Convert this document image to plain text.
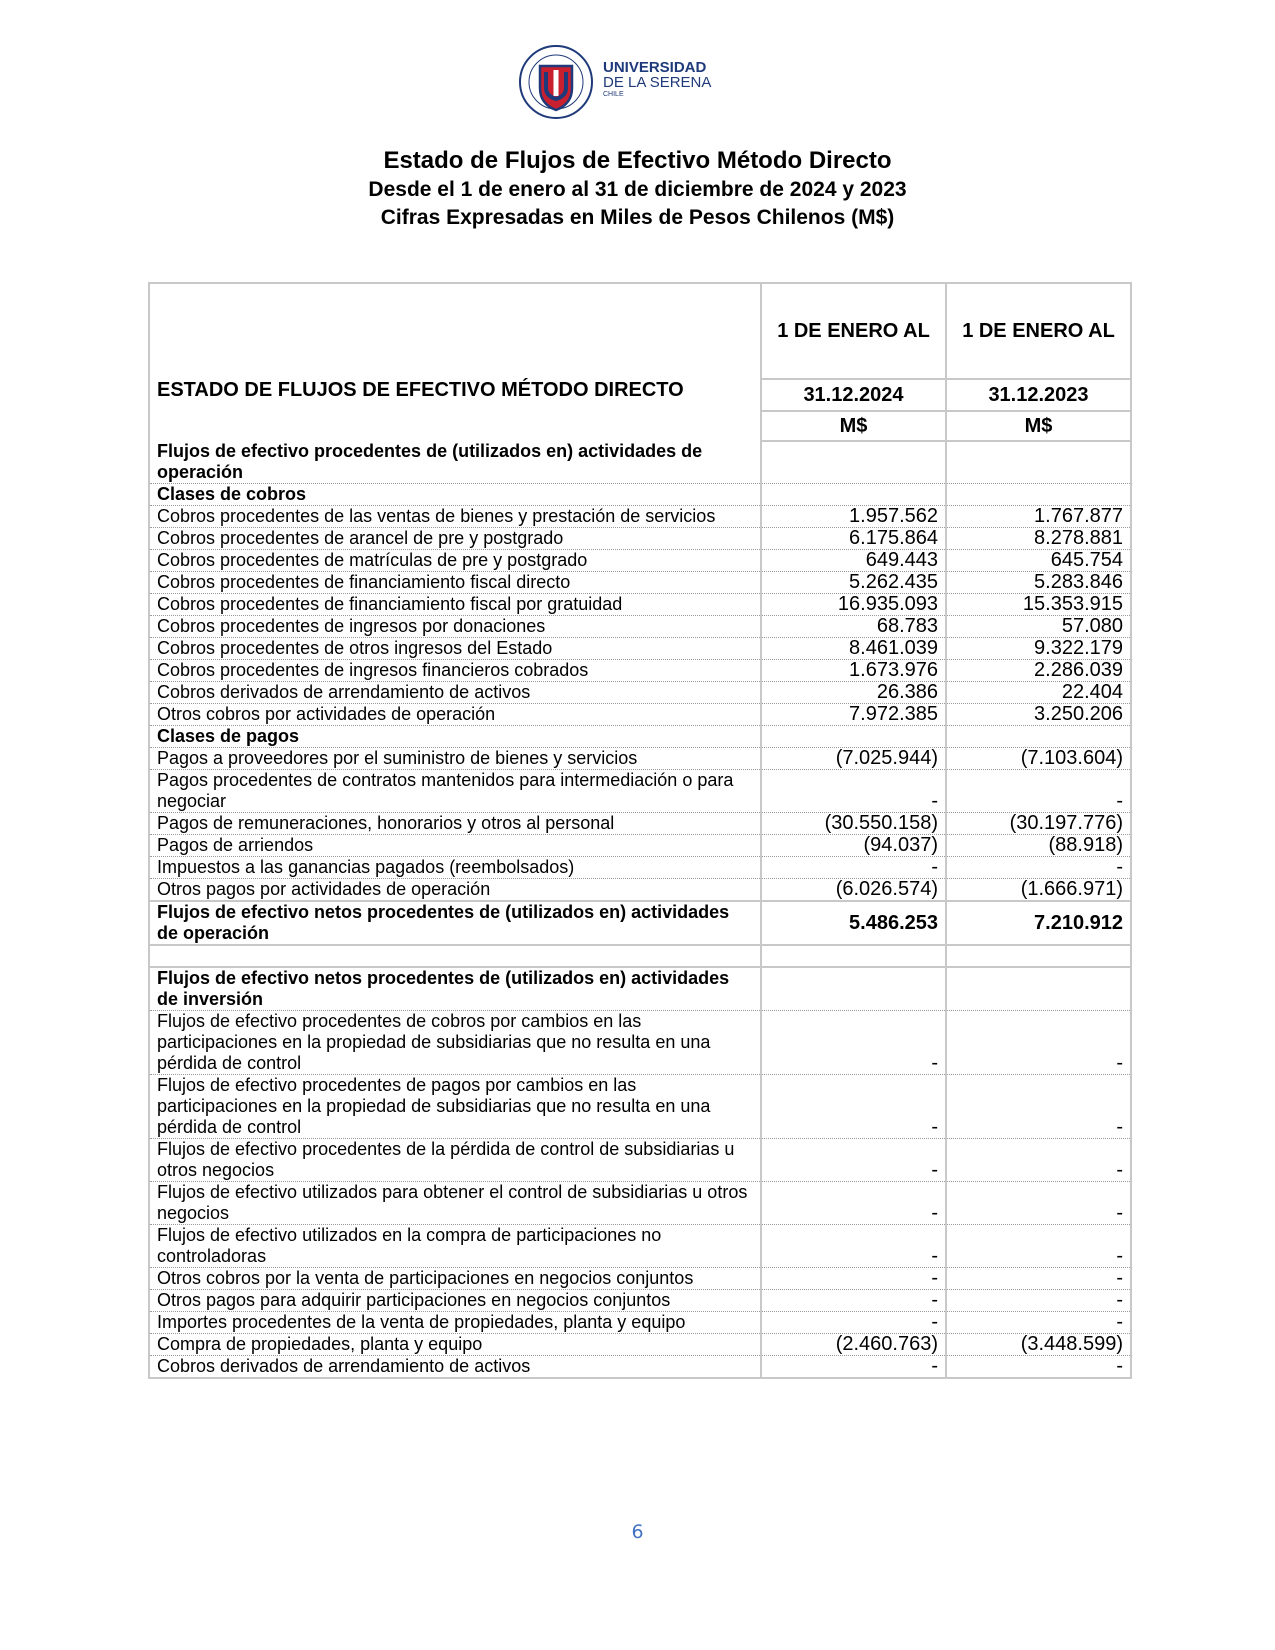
UNIVERSIDAD
DE LA SERENA
CHILE
Estado de Flujos de Efectivo Método Directo
Desde el 1 de enero al 31 de diciembre de 2024 y 2023
Cifras Expresadas en Miles de Pesos Chilenos (M$)
ESTADO DE FLUJOS DE EFECTIVO MÉTODO DIRECTO	1 DE ENERO AL	1 DE ENERO AL
	31.12.2024	31.12.2023
	M$	M$
Flujos de efectivo procedentes de (utilizados en) actividades de operación		
Clases de cobros		
Cobros procedentes de las ventas de bienes y prestación de servicios	1.957.562	1.767.877
Cobros procedentes de arancel de pre y postgrado	6.175.864	8.278.881
Cobros procedentes de matrículas de pre y postgrado	649.443	645.754
Cobros procedentes de financiamiento fiscal directo	5.262.435	5.283.846
Cobros procedentes de financiamiento fiscal por gratuidad	16.935.093	15.353.915
Cobros procedentes de ingresos por donaciones	68.783	57.080
Cobros procedentes de otros ingresos del Estado	8.461.039	9.322.179
Cobros procedentes de ingresos financieros cobrados	1.673.976	2.286.039
Cobros derivados de arrendamiento de activos	26.386	22.404
Otros cobros por actividades de operación	7.972.385	3.250.206
Clases de pagos		
Pagos a proveedores por el suministro de bienes y servicios	(7.025.944)	(7.103.604)
Pagos procedentes de contratos mantenidos para intermediación o para negociar	-	-
Pagos de remuneraciones, honorarios y otros al personal	(30.550.158)	(30.197.776)
Pagos de arriendos	(94.037)	(88.918)
Impuestos a las ganancias pagados (reembolsados)	-	-
Otros pagos por actividades de operación	(6.026.574)	(1.666.971)
Flujos de efectivo netos procedentes de (utilizados en) actividades de operación	5.486.253	7.210.912

Flujos de efectivo netos procedentes de (utilizados en) actividades de inversión		
Flujos de efectivo procedentes de cobros por cambios en las participaciones en la propiedad de subsidiarias que no resulta en una pérdida de control	-	-
Flujos de efectivo procedentes de pagos por cambios en las participaciones en la propiedad de subsidiarias que no resulta en una pérdida de control	-	-
Flujos de efectivo procedentes de la pérdida de control de subsidiarias u otros negocios	-	-
Flujos de efectivo utilizados para obtener el control de subsidiarias u otros negocios	-	-
Flujos de efectivo utilizados en la compra de participaciones no controladoras	-	-
Otros cobros por la venta de participaciones en negocios conjuntos	-	-
Otros pagos para adquirir participaciones en negocios conjuntos	-	-
Importes procedentes de la venta de propiedades, planta y equipo	-	-
Compra de propiedades, planta y equipo	(2.460.763)	(3.448.599)
Cobros derivados de arrendamiento de activos	-	-
6
